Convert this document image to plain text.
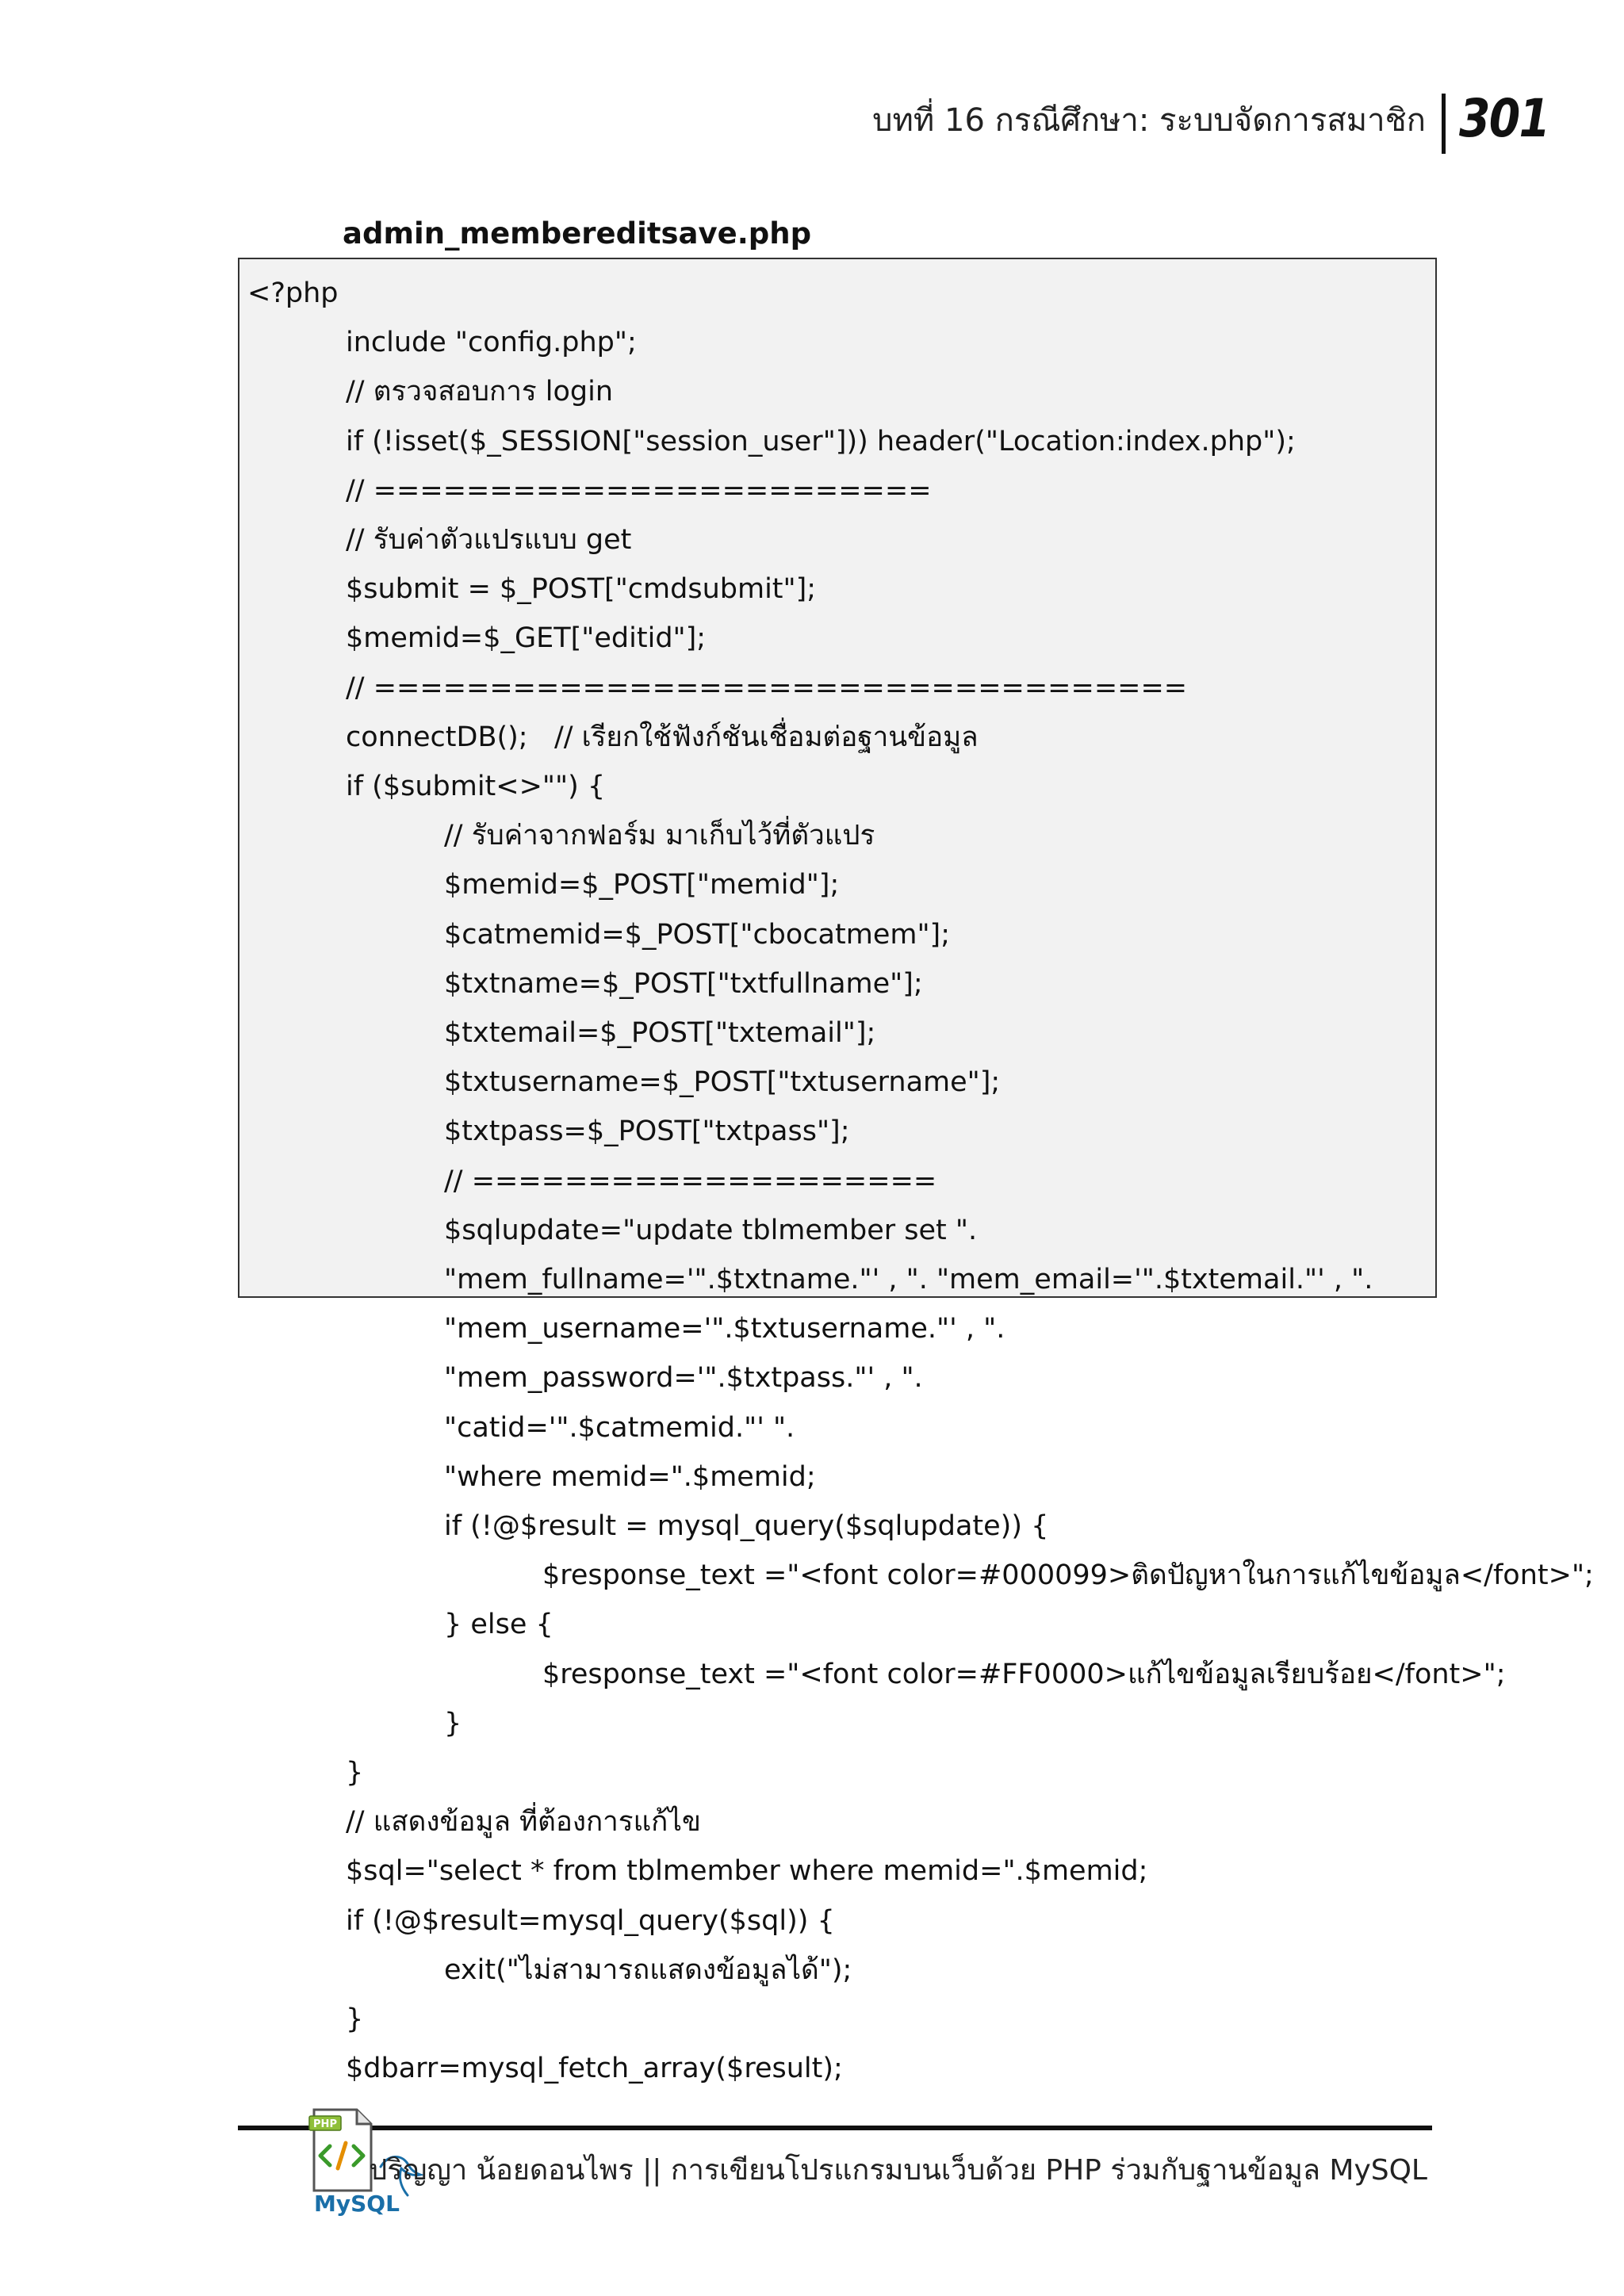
บทที่ 16 กรณีศึกษา: ระบบจัดการสมาชิก 301
admin_membereditsave.php
<?php
include "config.php";
// ตรวจสอบการ login
if (!isset($_SESSION["session_user"])) header("Location:index.php");
// ========================
// รับค่าตัวแปรแบบ get
$submit = $_POST["cmdsubmit"];
$memid=$_GET["editid"];
// ===================================
connectDB();   // เรียกใช้ฟังก์ชันเชื่อมต่อฐานข้อมูล
if ($submit<>"") {
// รับค่าจากฟอร์ม มาเก็บไว้ที่ตัวแปร
$memid=$_POST["memid"];
$catmemid=$_POST["cbocatmem"];
$txtname=$_POST["txtfullname"];
$txtemail=$_POST["txtemail"];
$txtusername=$_POST["txtusername"];
$txtpass=$_POST["txtpass"];
// ====================
$sqlupdate="update tblmember set ".
"mem_fullname='".$txtname."' , ". "mem_email='".$txtemail."' , ".
"mem_username='".$txtusername."' , ".
"mem_password='".$txtpass."' , ".
"catid='".$catmemid."' ".
"where memid=".$memid;
if (!@$result = mysql_query($sqlupdate)) {
$response_text ="<font color=#000099>ติดปัญหาในการแก้ไขข้อมูล</font>";
} else {
$response_text ="<font color=#FF0000>แก้ไขข้อมูลเรียบร้อย</font>";
}
}
// แสดงข้อมูล ที่ต้องการแก้ไข
$sql="select * from tblmember where memid=".$memid;
if (!@$result=mysql_query($sql)) {
exit("ไม่สามารถแสดงข้อมูลได้");
}
$dbarr=mysql_fetch_array($result);
PHP
MySQL
ปริญญา น้อยดอนไพร || การเขียนโปรแกรมบนเว็บด้วย PHP ร่วมกับฐานข้อมูล MySQL
